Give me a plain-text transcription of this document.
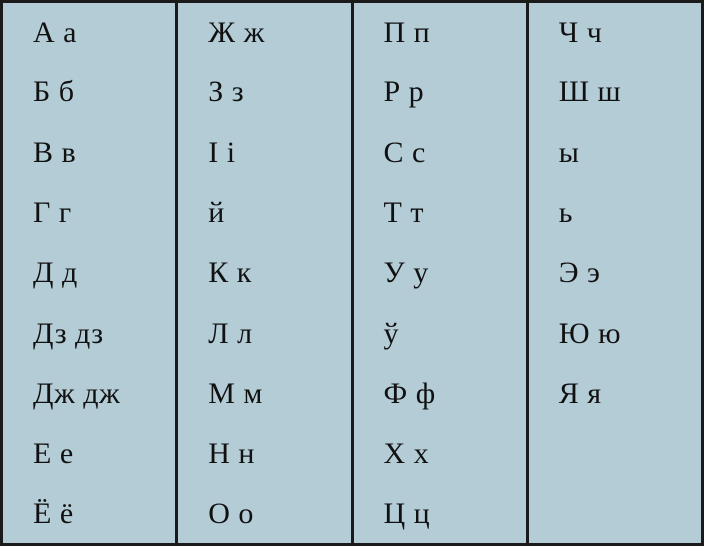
А а	Ж ж	П п	Ч ч
Б б	З з	Р р	Ш ш
В в	І і	С с	ы
Г г	й	Т т	ь
Д д	К к	У у	Э э
Дз дз	Л л	ў	Ю ю
Дж дж	М м	Ф ф	Я я
Е е	Н н	Х х	
Ё ё	О о	Ц ц	
